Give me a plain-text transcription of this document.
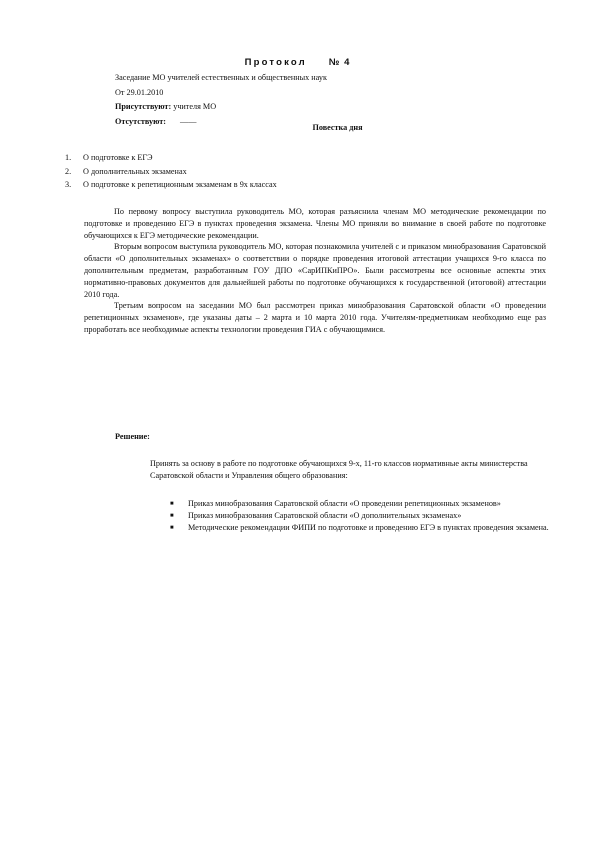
Протокол № 4
Заседание МО учителей естественных и общественных наук
От 29.01.2010
Присутствуют: учителя МО
Отсутствуют: ——
Повестка дня
1.	О подготовке к ЕГЭ
2.	О дополнительных экзаменах
3.	О подготовке к репетиционным экзаменам в 9х классах

По первому вопросу выступила руководитель МО, которая разъяснила членам МО методические рекомендации по подготовке и проведению ЕГЭ в пунктах проведения экзамена. Члены МО приняли во внимание в своей работе по подготовке обучающихся к ЕГЭ методические рекомендации.

Вторым вопросом выступила руководитель МО, которая познакомила учителей с и приказом минобразования Саратовской области «О дополнительных экзаменах» о соответствии о порядке проведения итоговой аттестации учащихся 9-го класса по дополнительным предметам, разработанным ГОУ ДПО «СарИПКиПРО». Были рассмотрены все основные аспекты этих нормативно-правовых документов для дальнейшей работы по подготовке обучающихся к государственной (итоговой) аттестации 2010 года.

Третьим вопросом на заседании МО был рассмотрен приказ минобразования Саратовской области «О проведении репетиционных экзаменов», где указаны даты – 2 марта и 10 марта 2010 года. Учителям-предметникам необходимо еще раз проработать все необходимые аспекты технологии проведения ГИА с обучающимися.

Решение:
Принять за основу в работе по подготовке обучающихся 9-х, 11-го классов нормативные акты министерства Саратовской области и Управления общего образования:
■	Приказ минобразования Саратовской области «О проведении репетиционных экзаменов»
■	Приказ минобразования Саратовской области «О дополнительных экзаменах»
■	Методические рекомендации ФИПИ по подготовке и проведению ЕГЭ в пунктах проведения экзамена.
